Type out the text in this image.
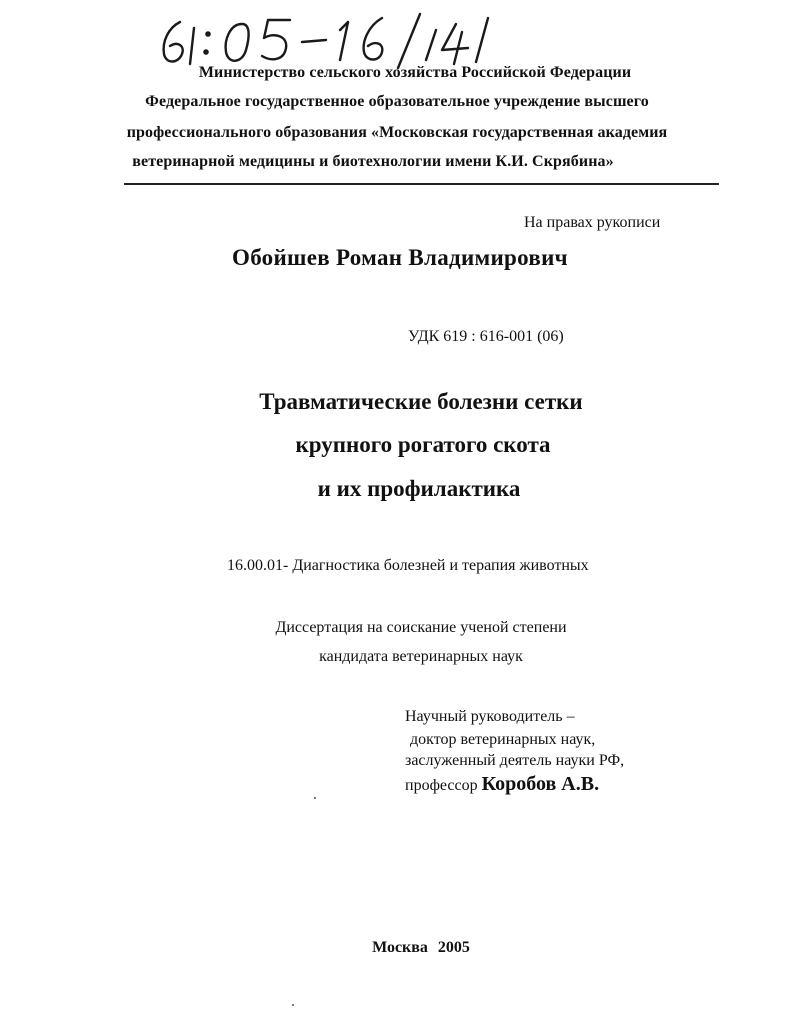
Министерство сельского хозяйства Российской Федерации
Федеральное государственное образовательное учреждение высшего
профессионального образования «Московская государственная академия
ветеринарной медицины и биотехнологии имени К.И. Скрябина»
На правах рукописи
Обойшев Роман Владимирович
УДК 619 : 616-001 (06)
Травматические болезни сетки
крупного рогатого скота
и их профилактика
16.00.01- Диагностика болезней и терапия животных
Диссертация на соискание ученой степени
кандидата ветеринарных наук
Научный руководитель –
доктор ветеринарных наук,
заслуженный деятель науки РФ,
профессор Коробов А.В.
Москва 2005
